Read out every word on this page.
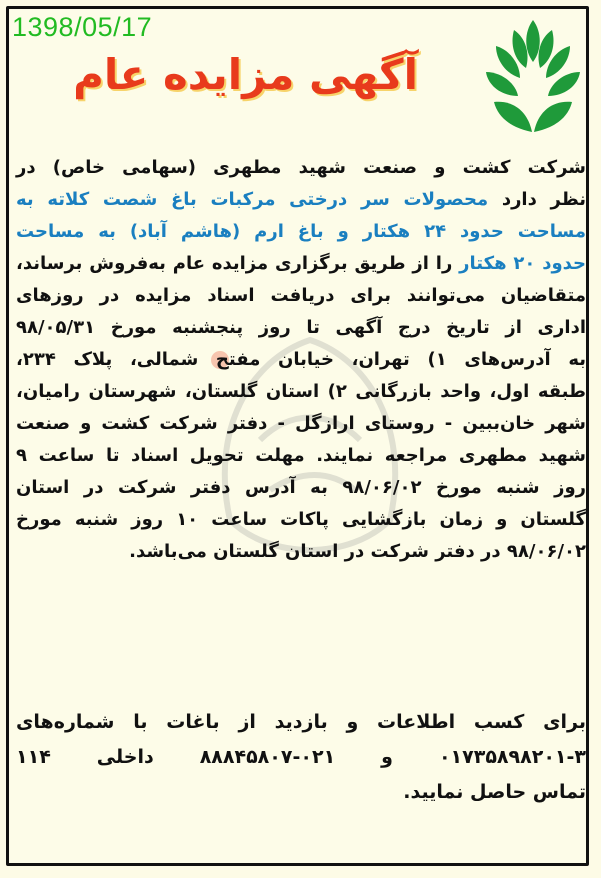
1398/05/17
آگهی مزایده عام
شرکت کشت و صنعت شهید مطهری (سهامی خاص) در
نظر دارد محصولات سر درختی مرکبات باغ شصت کلاته به
مساحت حدود ۲۴ هکتار و باغ ارم (هاشم آباد) به مساحت
حدود ۲۰ هکتار را از طریق برگزاری مزایده عام به‌فروش برساند،
متقاضیان می‌توانند برای دریافت اسناد مزایده در روزهای
اداری از تاریخ درج آگهی تا روز پنجشنبه مورخ ۹۸/۰۵/۳۱
به آدرس‌های ۱) تهران، خیابان مفتح شمالی، پلاک ۲۳۴،
طبقه اول، واحد بازرگانی ۲) استان گلستان، شهرستان رامیان،
شهر خان‌ببین - روستای ارازگل - دفتر شرکت کشت و صنعت
شهید مطهری مراجعه نمایند. مهلت تحویل اسناد تا ساعت ۹
روز شنبه مورخ ۹۸/۰۶/۰۲ به آدرس دفتر شرکت در استان
گلستان و زمان بازگشایی پاکات ساعت ۱۰ روز شنبه مورخ
۹۸/۰۶/۰۲ در دفتر شرکت در استان گلستان می‌باشد.
برای کسب اطلاعات و بازدید از باغات با شماره‌های
۰۱۷۳۵۸۹۸۲۰۱-۳ و ۰۲۱-۸۸۸۴۵۸۰۷ داخلی ۱۱۴
تماس حاصل نمایید.
